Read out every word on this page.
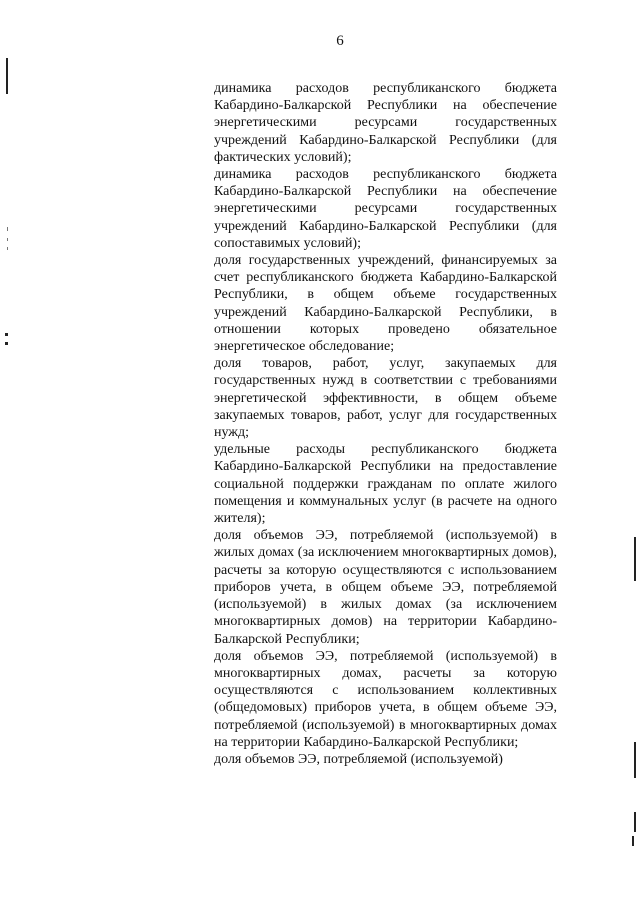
6

динамика расходов республиканского бюджета Кабардино-Балкарской Республики на обеспечение энергетическими ресурсами государственных учреждений Кабардино-Балкарской Республики (для фактических условий);

динамика расходов республиканского бюджета Кабардино-Балкарской Республики на обеспечение энергетическими ресурсами государственных учреждений Кабардино-Балкарской Республики (для сопоставимых условий);

доля государственных учреждений, финансируемых за счет республиканского бюджета Кабардино-Балкарской Республики, в общем объеме государственных учреждений Кабардино-Балкарской Республики, в отношении которых проведено обязательное энергетическое обследование;

доля товаров, работ, услуг, закупаемых для государственных нужд в соответствии с требованиями энергетической эффективности, в общем объеме закупаемых товаров, работ, услуг для государственных нужд;

удельные расходы республиканского бюджета Кабардино-Балкарской Республики на предоставление социальной поддержки гражданам по оплате жилого помещения и коммунальных услуг (в расчете на одного жителя);

доля объемов ЭЭ, потребляемой (используемой) в жилых домах (за исключением многоквартирных домов), расчеты за которую осуществляются с использованием приборов учета, в общем объеме ЭЭ, потребляемой (используемой) в жилых домах (за исключением многоквартирных домов) на территории Кабардино-Балкарской Республики;

доля объемов ЭЭ, потребляемой (используемой) в многоквартирных домах, расчеты за которую осуществляются с использованием коллективных (общедомовых) приборов учета, в общем объеме ЭЭ, потребляемой (используемой) в многоквартирных домах на территории Кабардино-Балкарской Республики;

доля объемов ЭЭ, потребляемой (используемой)
